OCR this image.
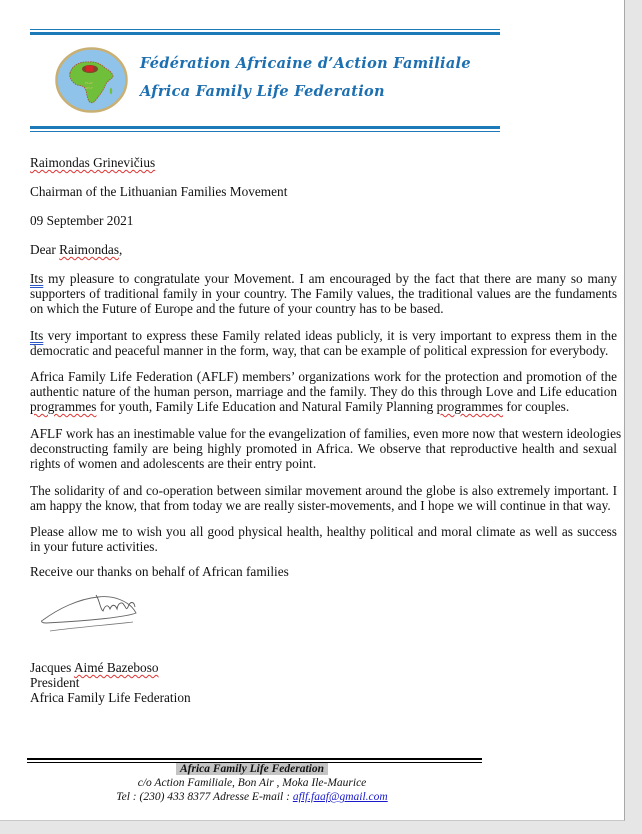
FAAF
AFLF
Fédération Africaine d’Action Familiale
Africa Family Life Federation
Raimondas Grinevičius
Chairman of the Lithuanian Families Movement
09 September 2021
Dear Raimondas,
Its my pleasure to congratulate your Movement. I am encouraged by the fact that there are many so many
supporters of traditional family in your country. The Family values, the traditional values are the fundaments
on which the Future of Europe and the future of your country has to be based.
Its very important to express these Family related ideas publicly, it is very important to express them in the
democratic and peaceful manner in the form, way, that can be example of political expression for everybody.
Africa Family Life Federation (AFLF) members’ organizations work for the protection and promotion of the
authentic nature of the human person, marriage and the family. They do this through Love and Life education
programmes for youth, Family Life Education and Natural Family Planning programmes for couples.
AFLF work has an inestimable value for the evangelization of families, even more now that western ideologies
deconstructing family are being highly promoted in Africa. We observe that reproductive health and sexual
rights of women and adolescents are their entry point.
The solidarity of and co-operation between similar movement around the globe is also extremely important. I
am happy the know, that from today we are really sister-movements, and I hope we will continue in that way.
Please allow me to wish you all good physical health, healthy political and moral climate as well as success
in your future activities.
Receive our thanks on behalf of African families
Jacques Aimé Bazeboso
President
Africa Family Life Federation
Africa Family Life Federation
c/o Action Familiale, Bon Air , Moka Ile-Maurice
Tel : (230) 433 8377 Adresse E-mail : aflf.faaf@gmail.com
